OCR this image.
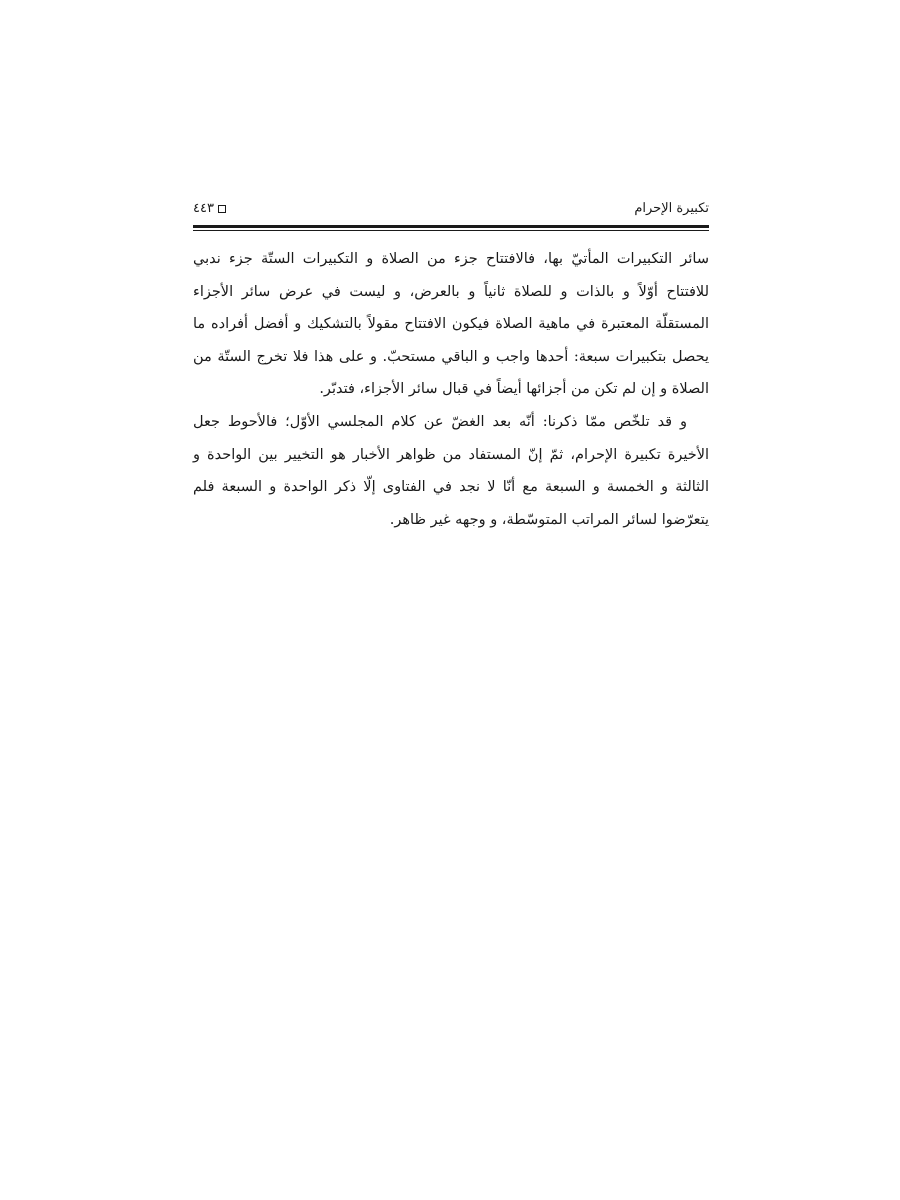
تكبيرة الإحرام
٤٤٣

سائر التكبيرات المأتيّ بها، فالافتتاح جزء من الصلاة و التكبيرات الستّة جزء ندبي للافتتاح أوّلاً و بالذات و للصلاة ثانياً و بالعرض، و ليست في عرض سائر الأجزاء المستقلّة المعتبرة في ماهية الصلاة فيكون الافتتاح مقولاً بالتشكيك و أفضل أفراده ما يحصل بتكبيرات سبعة: أحدها واجب و الباقي مستحبّ. و على هذا فلا تخرج الستّة من الصلاة و إن لم تكن من أجزائها أيضاً في قبال سائر الأجزاء، فتدبّر.

و قد تلخّص ممّا ذكرنا: أنّه بعد الغضّ عن كلام المجلسي الأوّل؛ فالأحوط جعل الأخيرة تكبيرة الإحرام، ثمّ إنّ المستفاد من ظواهر الأخبار هو التخيير بين الواحدة و الثالثة و الخمسة و السبعة مع أنّا لا نجد في الفتاوى إلّا ذكر الواحدة و السبعة فلم يتعرّضوا لسائر المراتب المتوسّطة، و وجهه غير ظاهر.
